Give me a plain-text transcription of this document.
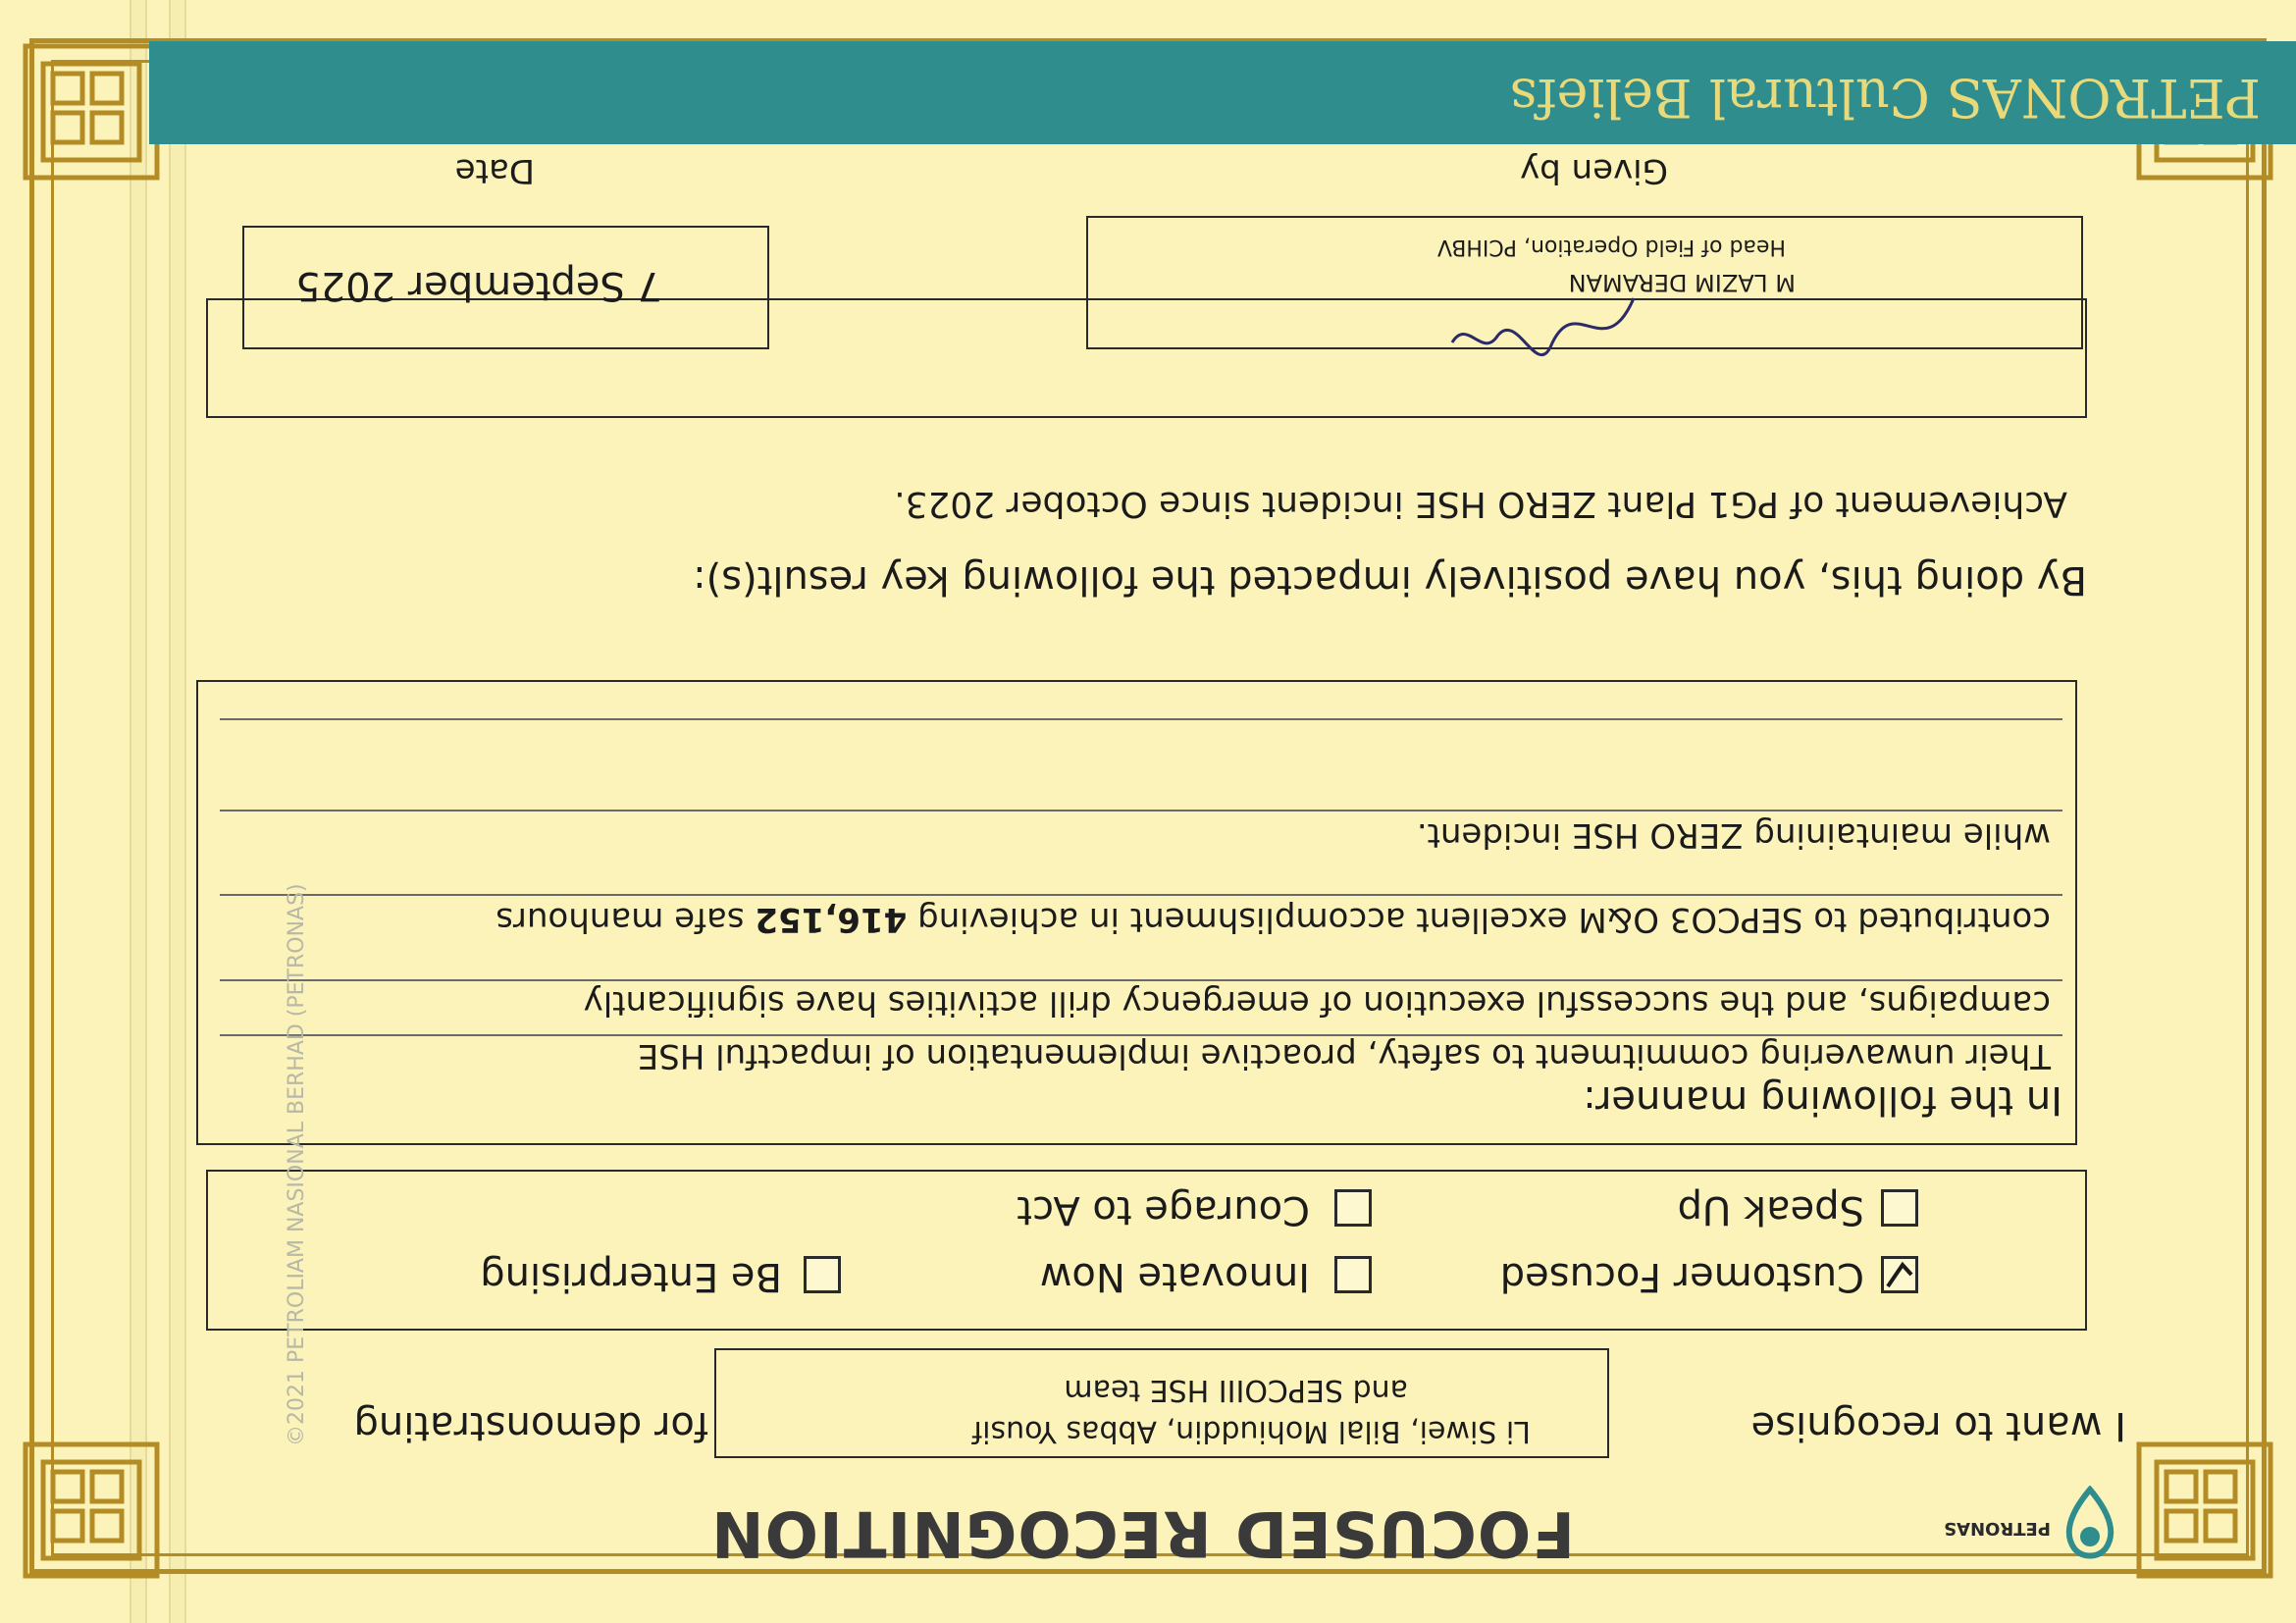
PETRONAS
FOCUSED RECOGNITION
I want to recognise
Li Siwei, Bilal Mohiuddin, Abbas Yousif
and SEPCOIII HSE team
for demonstrating
Customer Focused
Innovate Now
Be Enterprising
Speak Up
Courage to Act
In the following manner:
Their unwavering commitment to safety, proactive implementation of impactful HSE
campaigns, and the successful execution of emergency drill activities have significantly
contributed to SEPCO3 O&M excellent accomplishment in achieving 416,152 safe manhours
while maintaining ZERO HSE incident.
By doing this, you have positively impacted the following key result(s):
Achievement of PG1 Plant ZERO HSE incident since October 2023.
M LAZIM DERAMAN
Head of Field Operation, PCIHBV
Given by
7 September 2025
Date
PETRONAS Cultural Beliefs
©2021 PETROLIAM NASIONAL BERHAD (PETRONAS)
